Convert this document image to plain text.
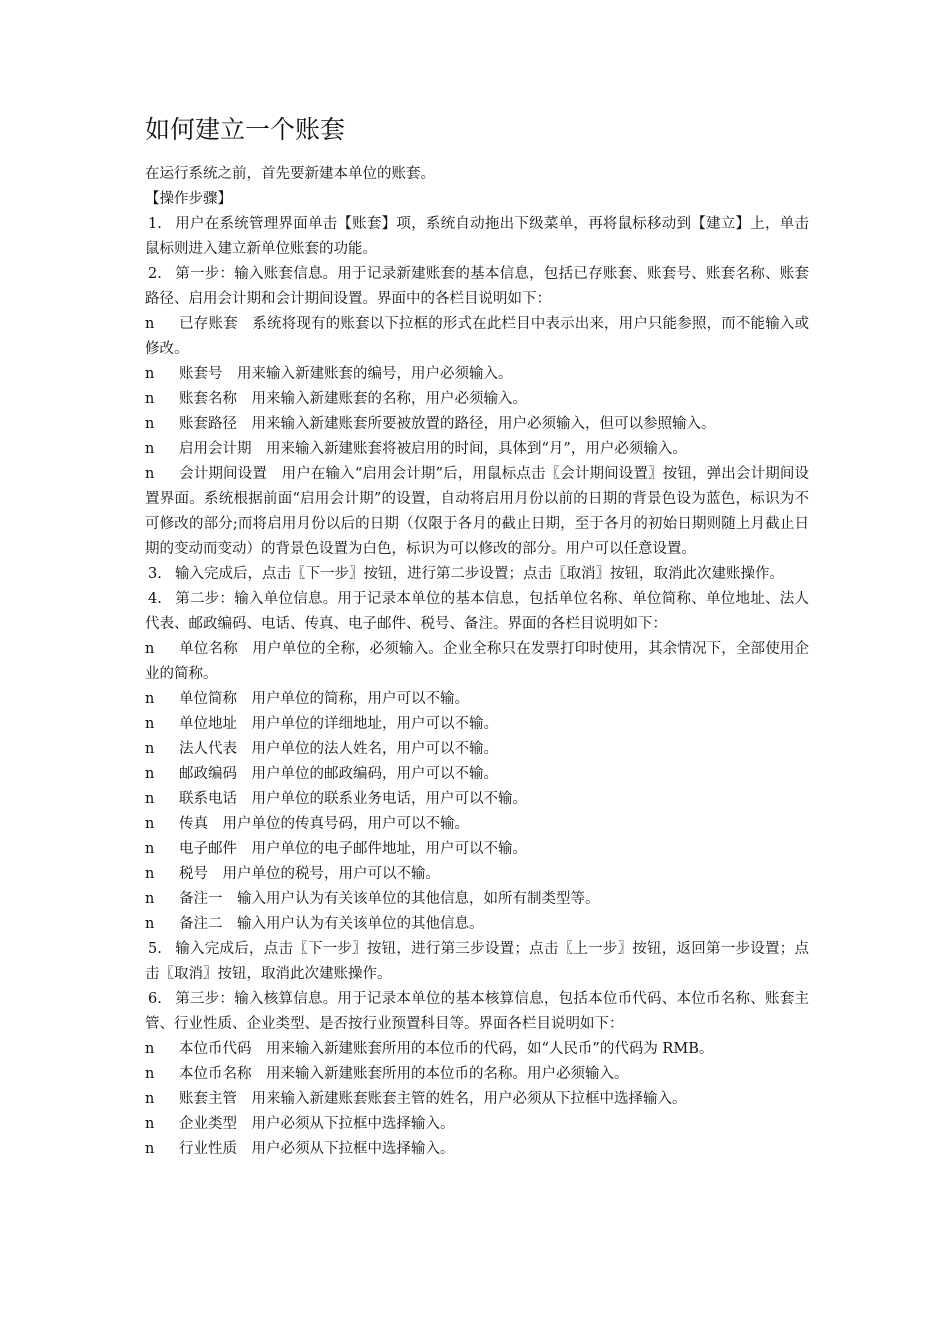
如何建立一个账套

在运行系统之前，首先要新建本单位的账套。

【操作步骤】

1. 用户在系统管理界面单击【账套】项，系统自动拖出下级菜单，再将鼠标移动到【建立】上，单击鼠标则进入建立新单位账套的功能。

2. 第一步：输入账套信息。用于记录新建账套的基本信息，包括已存账套、账套号、账套名称、账套路径、启用会计期和会计期间设置。界面中的各栏目说明如下：

n 已存账套　系统将现有的账套以下拉框的形式在此栏目中表示出来，用户只能参照，而不能输入或修改。

n 账套号　用来输入新建账套的编号，用户必须输入。

n 账套名称　用来输入新建账套的名称，用户必须输入。

n 账套路径　用来输入新建账套所要被放置的路径，用户必须输入，但可以参照输入。

n 启用会计期　用来输入新建账套将被启用的时间，具体到“月”，用户必须输入。

n 会计期间设置　用户在输入“启用会计期”后，用鼠标点击〖会计期间设置〗按钮，弹出会计期间设置界面。系统根据前面“启用会计期”的设置，自动将启用月份以前的日期的背景色设为蓝色，标识为不可修改的部分;而将启用月份以后的日期（仅限于各月的截止日期，至于各月的初始日期则随上月截止日期的变动而变动）的背景色设置为白色，标识为可以修改的部分。用户可以任意设置。

3. 输入完成后，点击〖下一步〗按钮，进行第二步设置；点击〖取消〗按钮，取消此次建账操作。

4. 第二步：输入单位信息。用于记录本单位的基本信息，包括单位名称、单位简称、单位地址、法人代表、邮政编码、电话、传真、电子邮件、税号、备注。界面的各栏目说明如下：

n 单位名称　用户单位的全称，必须输入。企业全称只在发票打印时使用，其余情况下，全部使用企业的简称。

n 单位简称　用户单位的简称，用户可以不输。

n 单位地址　用户单位的详细地址，用户可以不输。

n 法人代表　用户单位的法人姓名，用户可以不输。

n 邮政编码　用户单位的邮政编码，用户可以不输。

n 联系电话　用户单位的联系业务电话，用户可以不输。

n 传真　用户单位的传真号码，用户可以不输。

n 电子邮件　用户单位的电子邮件地址，用户可以不输。

n 税号　用户单位的税号，用户可以不输。

n 备注一　输入用户认为有关该单位的其他信息，如所有制类型等。

n 备注二　输入用户认为有关该单位的其他信息。

5. 输入完成后，点击〖下一步〗按钮，进行第三步设置；点击〖上一步〗按钮，返回第一步设置；点击〖取消〗按钮，取消此次建账操作。

6. 第三步：输入核算信息。用于记录本单位的基本核算信息，包括本位币代码、本位币名称、账套主管、行业性质、企业类型、是否按行业预置科目等。界面各栏目说明如下：

n 本位币代码　用来输入新建账套所用的本位币的代码，如“人民币”的代码为 RMB。

n 本位币名称　用来输入新建账套所用的本位币的名称。用户必须输入。

n 账套主管　用来输入新建账套账套主管的姓名，用户必须从下拉框中选择输入。

n 企业类型　用户必须从下拉框中选择输入。

n 行业性质　用户必须从下拉框中选择输入。
